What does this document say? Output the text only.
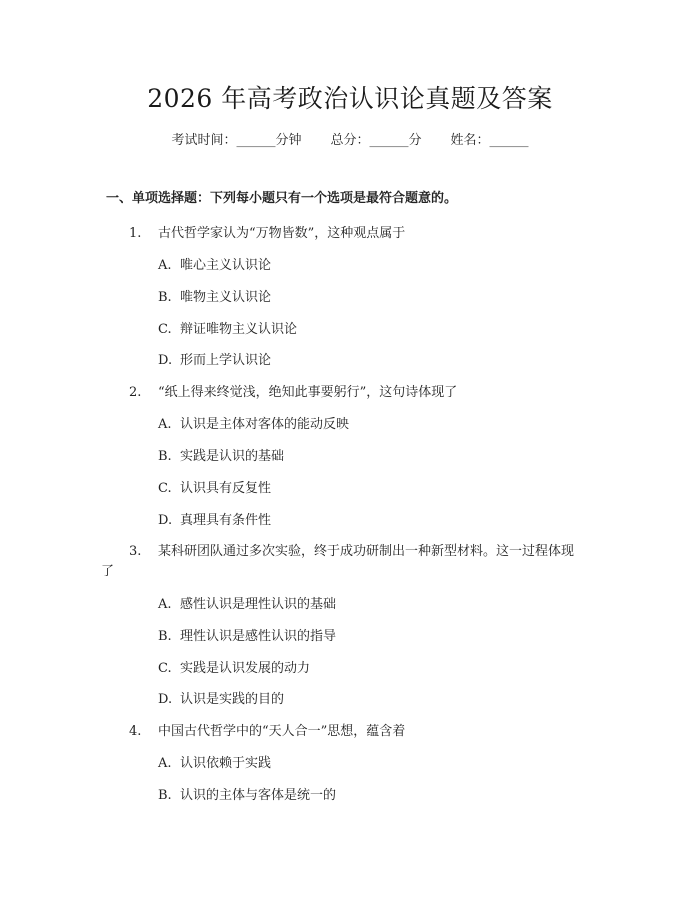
2026 年高考政治认识论真题及答案
考试时间：______分钟 总分：______分 姓名：______
一、单项选择题：下列每小题只有一个选项是最符合题意的。
1. 古代哲学家认为“万物皆数”，这种观点属于
A. 唯心主义认识论
B. 唯物主义认识论
C. 辩证唯物主义认识论
D. 形而上学认识论
2. “纸上得来终觉浅，绝知此事要躬行”，这句诗体现了
A. 认识是主体对客体的能动反映
B. 实践是认识的基础
C. 认识具有反复性
D. 真理具有条件性
3. 某科研团队通过多次实验，终于成功研制出一种新型材料。这一过程体现
了
A. 感性认识是理性认识的基础
B. 理性认识是感性认识的指导
C. 实践是认识发展的动力
D. 认识是实践的目的
4. 中国古代哲学中的“天人合一”思想，蕴含着
A. 认识依赖于实践
B. 认识的主体与客体是统一的
